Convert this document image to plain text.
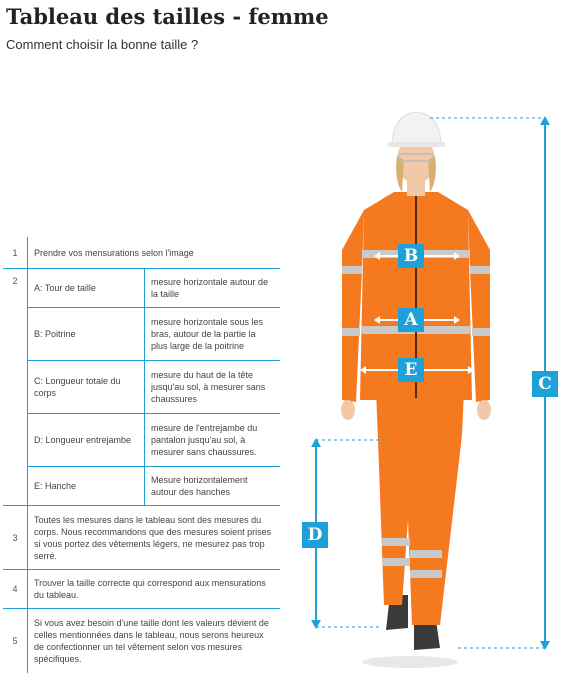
Tableau des tailles - femme
Comment choisir la bonne taille ?
1	Prendre vos mensurations selon l'image
2
A: Tour de taille
mesure horizontale autour de la taille
B: Poitrine
mesure horizontale sous les bras, autour de la partie la plus large de la poitrine
C: Longueur totale du corps
mesure du haut de la tête jusqu'au sol, à mesurer sans chaussures
D: Longueur entrejambe
mesure de l'entrejambe du pantalon jusqu'au sol, à mesurer sans chaussures.
E: Hanche
Mesure horizontalement autour des hanches
3
Toutes les mesures dans le tableau sont des mesures du corps. Nous recommandons que des mesures soient prises si vous portez des vêtements légers, ne mesurez pas trop serré.
4
Trouver la taille correcte qui correspond aux mensurations du tableau.
5
Si vous avez besoin d'une taille dont les valeurs dévient de celles mentionnées dans le tableau, nous serons heureux de confectionner un tel vêtement selon vos mesures spécifiques.
B
A
E
C
D
